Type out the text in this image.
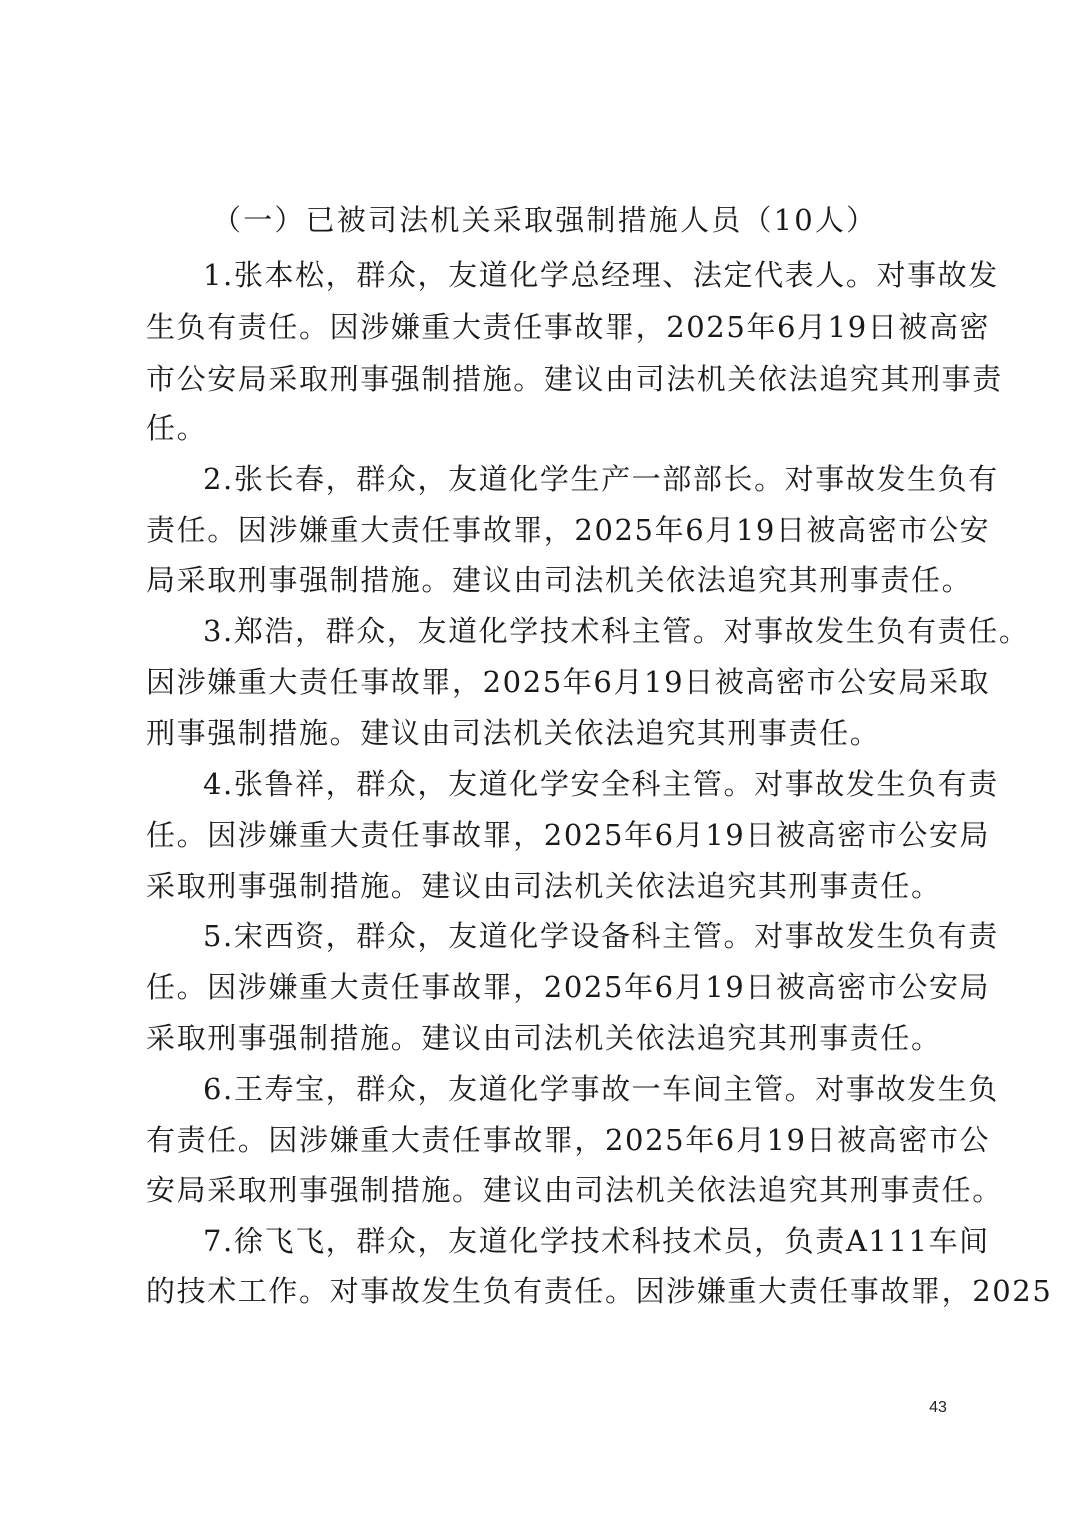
（一）已被司法机关采取强制措施人员（10人）
1.张本松，群众，友道化学总经理、法定代表人。对事故发
生负有责任。因涉嫌重大责任事故罪，2025年6月19日被高密
市公安局采取刑事强制措施。建议由司法机关依法追究其刑事责
任。
2.张长春，群众，友道化学生产一部部长。对事故发生负有
责任。因涉嫌重大责任事故罪，2025年6月19日被高密市公安
局采取刑事强制措施。建议由司法机关依法追究其刑事责任。
3.郑浩，群众，友道化学技术科主管。对事故发生负有责任。
因涉嫌重大责任事故罪，2025年6月19日被高密市公安局采取
刑事强制措施。建议由司法机关依法追究其刑事责任。
4.张鲁祥，群众，友道化学安全科主管。对事故发生负有责
任。因涉嫌重大责任事故罪，2025年6月19日被高密市公安局
采取刑事强制措施。建议由司法机关依法追究其刑事责任。
5.宋西资，群众，友道化学设备科主管。对事故发生负有责
任。因涉嫌重大责任事故罪，2025年6月19日被高密市公安局
采取刑事强制措施。建议由司法机关依法追究其刑事责任。
6.王寿宝，群众，友道化学事故一车间主管。对事故发生负
有责任。因涉嫌重大责任事故罪，2025年6月19日被高密市公
安局采取刑事强制措施。建议由司法机关依法追究其刑事责任。
7.徐飞飞，群众，友道化学技术科技术员，负责A111车间
的技术工作。对事故发生负有责任。因涉嫌重大责任事故罪，2025
43
